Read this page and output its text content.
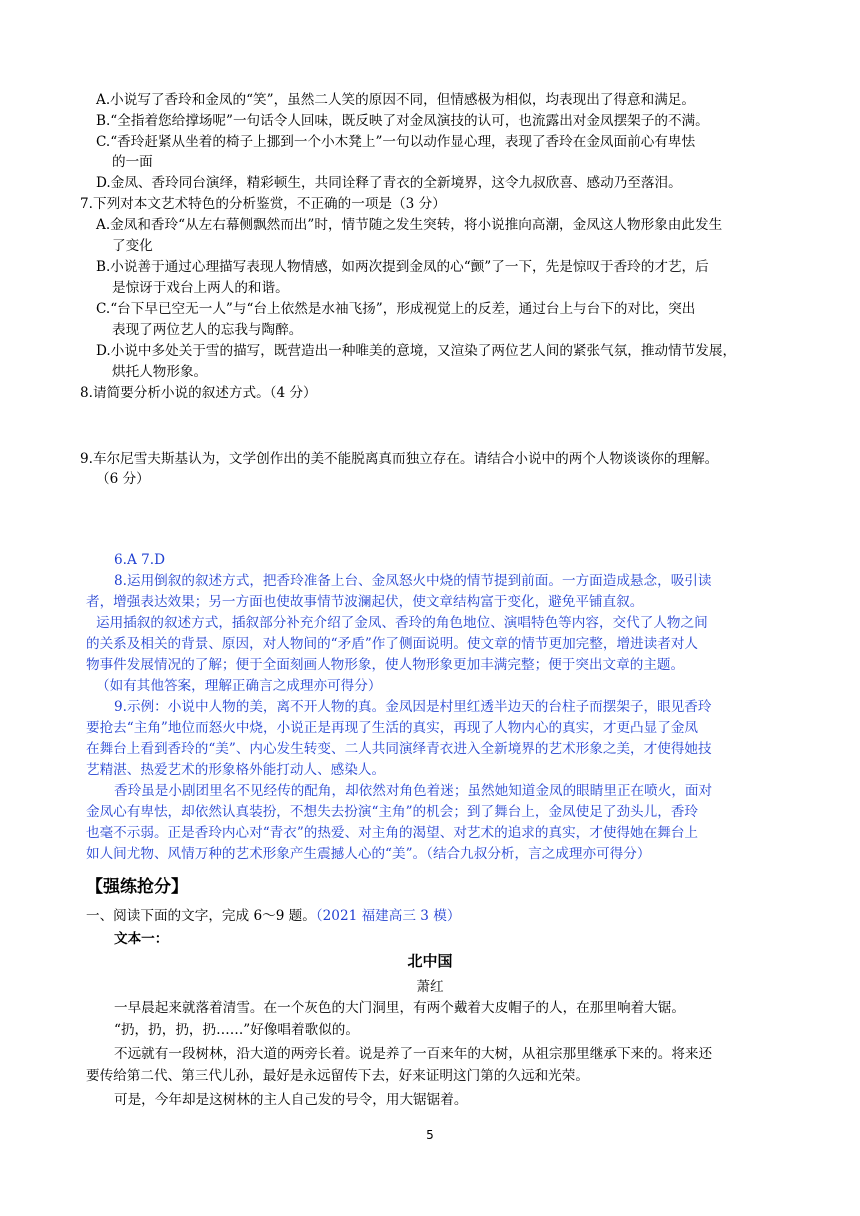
A.小说写了香玲和金凤的“笑”，虽然二人笑的原因不同，但情感极为相似，均表现出了得意和满足。
B.“全指着您给撑场呢”一句话令人回味，既反映了对金凤演技的认可，也流露出对金凤摆架子的不满。
C.“香玲赶紧从坐着的椅子上挪到一个小木凳上”一句以动作显心理，表现了香玲在金凤面前心有卑怯
的一面
D.金凤、香玲同台演绎，精彩顿生，共同诠释了青衣的全新境界，这令九叔欣喜、感动乃至落泪。
7.下列对本文艺术特色的分析鉴赏，不正确的一项是（3 分）
A.金凤和香玲“从左右幕侧飘然而出”时，情节随之发生突转，将小说推向高潮，金凤这人物形象由此发生
了变化
B.小说善于通过心理描写表现人物情感，如两次提到金凤的心“颤”了一下，先是惊叹于香玲的才艺，后
是惊讶于戏台上两人的和谐。
C.“台下早已空无一人”与“台上依然是水袖飞扬”，形成视觉上的反差，通过台上与台下的对比，突出
表现了两位艺人的忘我与陶醉。
D.小说中多处关于雪的描写，既营造出一种唯美的意境，又渲染了两位艺人间的紧张气氛，推动情节发展，
烘托人物形象。
8.请简要分析小说的叙述方式。（4 分）
9.车尔尼雪夫斯基认为，文学创作出的美不能脱离真而独立存在。请结合小说中的两个人物谈谈你的理解。
（6 分）
6.A 7.D
8.运用倒叙的叙述方式，把香玲准备上台、金凤怒火中烧的情节提到前面。一方面造成悬念，吸引读
者，增强表达效果；另一方面也使故事情节波澜起伏，使文章结构富于变化，避免平铺直叙。
运用插叙的叙述方式，插叙部分补充介绍了金凤、香玲的角色地位、演唱特色等内容，交代了人物之间
的关系及相关的背景、原因，对人物间的“矛盾”作了侧面说明。使文章的情节更加完整，增进读者对人
物事件发展情况的了解；便于全面刻画人物形象，使人物形象更加丰满完整；便于突出文章的主题。
（如有其他答案，理解正确言之成理亦可得分）
9.示例：小说中人物的美，离不开人物的真。金凤因是村里红透半边天的台柱子而摆架子，眼见香玲
要抢去“主角”地位而怒火中烧，小说正是再现了生活的真实，再现了人物内心的真实，才更凸显了金凤
在舞台上看到香玲的“美”、内心发生转变、二人共同演绎青衣进入全新境界的艺术形象之美，才使得她技
艺精湛、热爱艺术的形象格外能打动人、感染人。
香玲虽是小剧团里名不见经传的配角，却依然对角色着迷；虽然她知道金凤的眼睛里正在喷火，面对
金凤心有卑怯，却依然认真装扮，不想失去扮演“主角”的机会；到了舞台上，金凤使足了劲头儿，香玲
也毫不示弱。正是香玲内心对“青衣”的热爱、对主角的渴望、对艺术的追求的真实，才使得她在舞台上
如人间尤物、风情万种的艺术形象产生震撼人心的“美”。（结合九叔分析，言之成理亦可得分）
【强练抢分】
一、阅读下面的文字，完成 6～9 题。（2021 福建高三 3 模）
文本一：
北中国
萧红
一早晨起来就落着清雪。在一个灰色的大门洞里，有两个戴着大皮帽子的人，在那里响着大锯。
“扔，扔，扔，扔……”好像唱着歌似的。
不远就有一段树林，沿大道的两旁长着。说是养了一百来年的大树，从祖宗那里继承下来的。将来还
要传给第二代、第三代儿孙，最好是永远留传下去，好来证明这门第的久远和光荣。
可是，今年却是这树林的主人自己发的号令，用大锯锯着。
5
